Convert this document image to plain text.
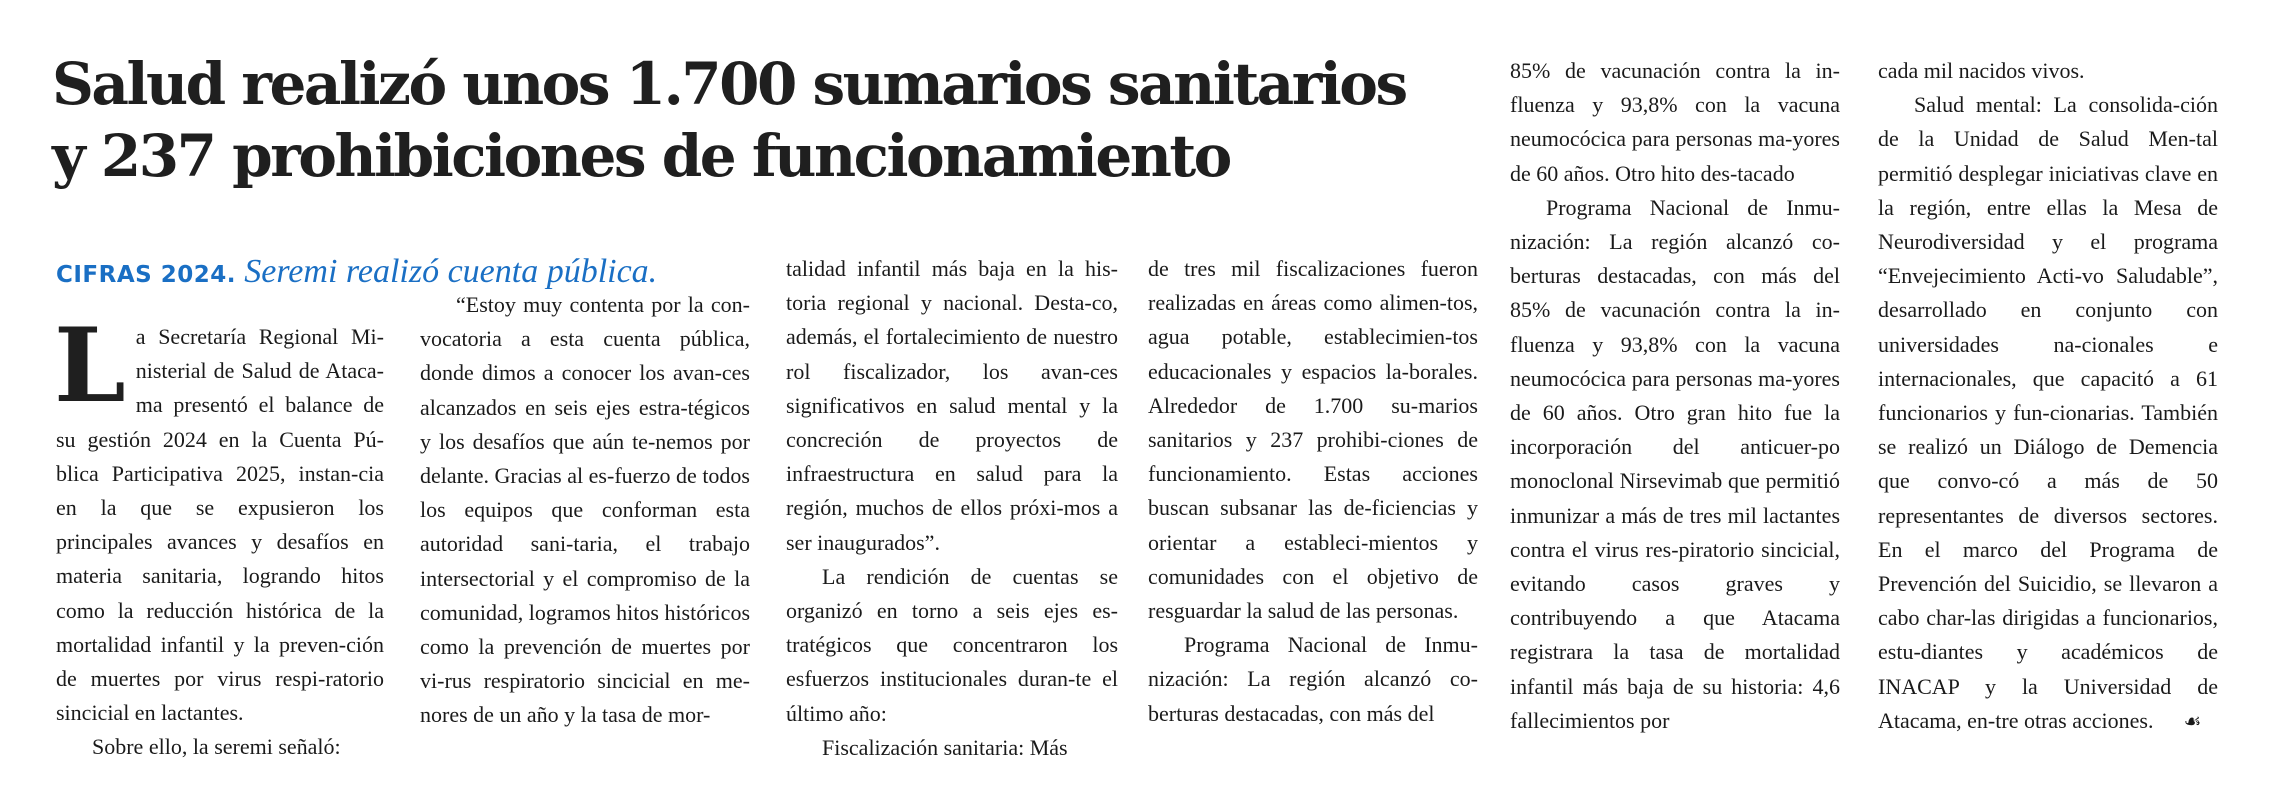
Salud realizó unos 1.700 sumarios sanitarios
y 237 prohibiciones de funcionamiento
CIFRAS 2024. Seremi realizó cuenta pública.

La Secretaría Regional Mi-nisterial de Salud de Ataca-ma presentó el balance de su gestión 2024 en la Cuenta Pú-blica Participativa 2025, instan-cia en la que se expusieron los principales avances y desafíos en materia sanitaria, logrando hitos como la reducción histórica de la mortalidad infantil y la preven-ción de muertes por virus respi-ratorio sincicial en lactantes.

Sobre ello, la seremi señaló:

“Estoy muy contenta por la con-vocatoria a esta cuenta pública, donde dimos a conocer los avan-ces alcanzados en seis ejes estra-tégicos y los desafíos que aún te-nemos por delante. Gracias al es-fuerzo de todos los equipos que conforman esta autoridad sani-taria, el trabajo intersectorial y el compromiso de la comunidad, logramos hitos históricos como la prevención de muertes por vi-rus respiratorio sincicial en me-nores de un año y la tasa de mor-

talidad infantil más baja en la his-toria regional y nacional. Desta-co, además, el fortalecimiento de nuestro rol fiscalizador, los avan-ces significativos en salud mental y la concreción de proyectos de infraestructura en salud para la región, muchos de ellos próxi-mos a ser inaugurados”.

La rendición de cuentas se organizó en torno a seis ejes es-tratégicos que concentraron los esfuerzos institucionales duran-te el último año:

Fiscalización sanitaria: Más

de tres mil fiscalizaciones fueron realizadas en áreas como alimen-tos, agua potable, establecimien-tos educacionales y espacios la-borales. Alrededor de 1.700 su-marios sanitarios y 237 prohibi-ciones de funcionamiento. Estas acciones buscan subsanar las de-ficiencias y orientar a estableci-mientos y comunidades con el objetivo de resguardar la salud de las personas.

Programa Nacional de Inmu-nización: La región alcanzó co-berturas destacadas, con más del

85% de vacunación contra la in-fluenza y 93,8% con la vacuna neumocócica para personas ma-yores de 60 años. Otro hito des-tacado

Programa Nacional de Inmu-nización: La región alcanzó co-berturas destacadas, con más del 85% de vacunación contra la in-fluenza y 93,8% con la vacuna neumocócica para personas ma-yores de 60 años. Otro gran hito fue la incorporación del anticuer-po monoclonal Nirsevimab que permitió inmunizar a más de tres mil lactantes contra el virus res-piratorio sincicial, evitando casos graves y contribuyendo a que Atacama registrara la tasa de mortalidad infantil más baja de su historia: 4,6 fallecimientos por

cada mil nacidos vivos.

Salud mental: La consolida-ción de la Unidad de Salud Men-tal permitió desplegar iniciativas clave en la región, entre ellas la Mesa de Neurodiversidad y el programa “Envejecimiento Acti-vo Saludable”, desarrollado en conjunto con universidades na-cionales e internacionales, que capacitó a 61 funcionarios y fun-cionarias. También se realizó un Diálogo de Demencia que convo-có a más de 50 representantes de diversos sectores. En el marco del Programa de Prevención del Suicidio, se llevaron a cabo char-las dirigidas a funcionarios, estu-diantes y académicos de INACAP y la Universidad de Atacama, en-tre otras acciones. ☙
